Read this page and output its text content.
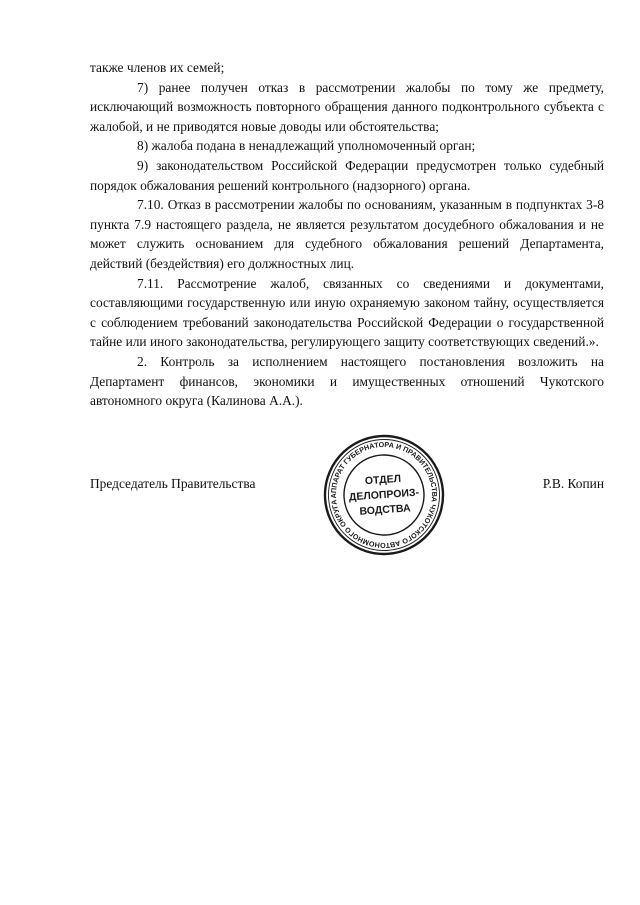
также членов их семей;

7) ранее получен отказ в рассмотрении жалобы по тому же предмету, исключающий возможность повторного обращения данного подконтрольного субъекта с жалобой, и не приводятся новые доводы или обстоятельства;

8) жалоба подана в ненадлежащий уполномоченный орган;

9) законодательством Российской Федерации предусмотрен только судебный порядок обжалования решений контрольного (надзорного) органа.

7.10. Отказ в рассмотрении жалобы по основаниям, указанным в подпунктах 3-8 пункта 7.9 настоящего раздела, не является результатом досудебного обжалования и не может служить основанием для судебного обжалования решений Департамента, действий (бездействия) его должностных лиц.

7.11. Рассмотрение жалоб, связанных со сведениями и документами, составляющими государственную или иную охраняемую законом тайну, осуществляется с соблюдением требований законодательства Российской Федерации о государственной тайне или иного законодательства, регулирующего защиту соответствующих сведений.».

2. Контроль за исполнением настоящего постановления возложить на Департамент финансов, экономики и имущественных отношений Чукотского автономного округа (Калинова А.А.).

Председатель Правительства	Р.В. Копин
АППАРАТ ГУБЕРНАТОРА И ПРАВИТЕЛЬСТВА ЧУКОТСКОГО АВТОНОМНОГО ОКРУГА
ОТДЕЛ
ДЕЛОПРОИЗ-
ВОДСТВА
